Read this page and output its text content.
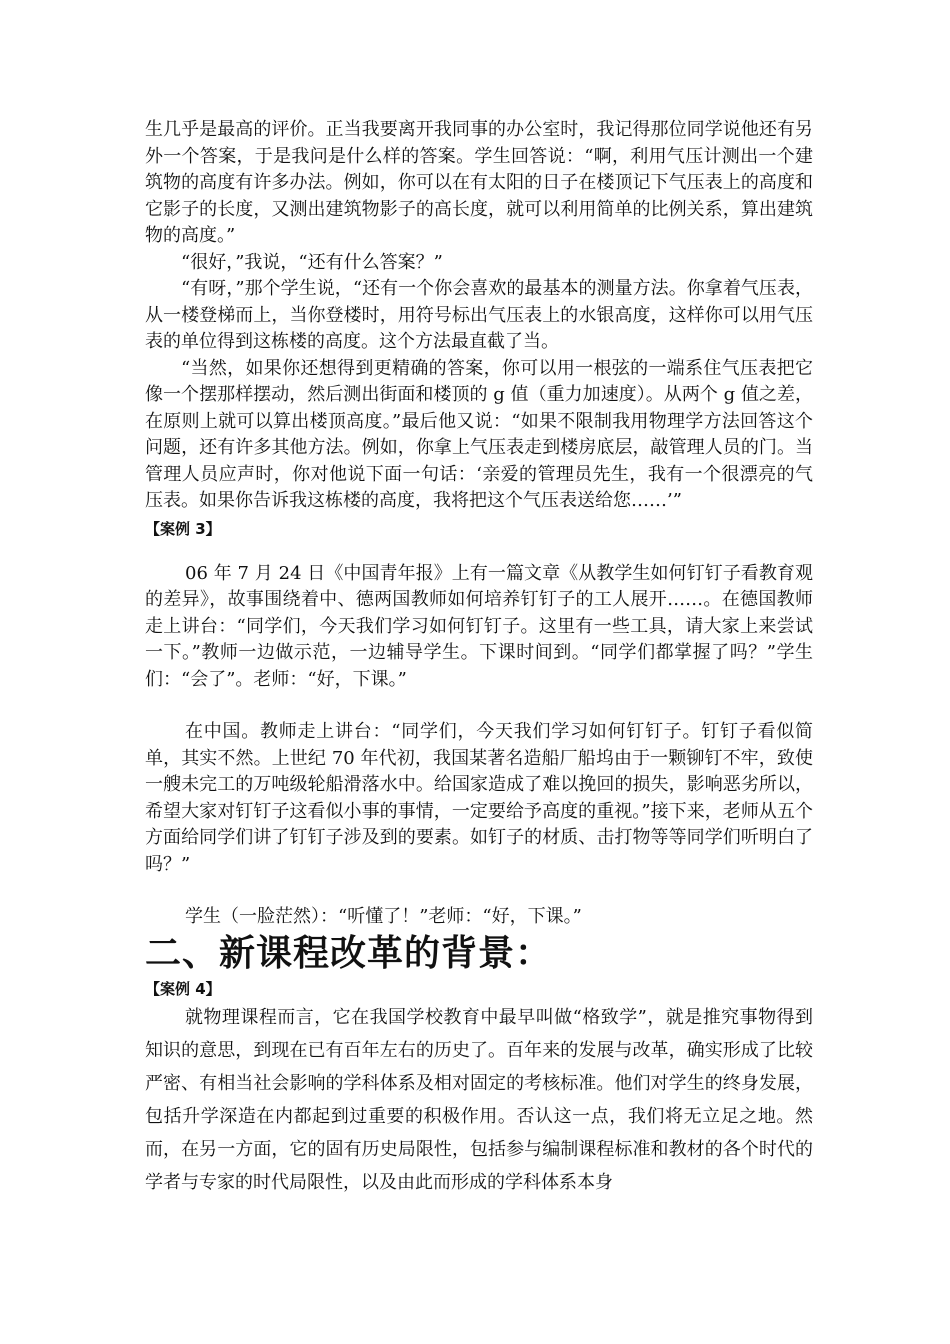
生几乎是最高的评价。正当我要离开我同事的办公室时，我记得那位同学说他还有另外一个答案，于是我问是什么样的答案。学生回答说：“啊，利用气压计测出一个建筑物的高度有许多办法。例如，你可以在有太阳的日子在楼顶记下气压表上的高度和它影子的长度，又测出建筑物影子的高长度，就可以利用简单的比例关系，算出建筑物的高度。”

“很好，”我说，“还有什么答案？”

“有呀，”那个学生说，“还有一个你会喜欢的最基本的测量方法。你拿着气压表，从一楼登梯而上，当你登楼时，用符号标出气压表上的水银高度，这样你可以用气压表的单位得到这栋楼的高度。这个方法最直截了当。

“当然，如果你还想得到更精确的答案，你可以用一根弦的一端系住气压表把它像一个摆那样摆动，然后测出街面和楼顶的 g 值（重力加速度）。从两个 g 值之差，在原则上就可以算出楼顶高度。”最后他又说：“如果不限制我用物理学方法回答这个问题，还有许多其他方法。例如，你拿上气压表走到楼房底层，敲管理人员的门。当管理人员应声时，你对他说下面一句话：‘亲爱的管理员先生，我有一个很漂亮的气压表。如果你告诉我这栋楼的高度，我将把这个气压表送给您……’”

【案例 3】

06 年 7 月 24 日《中国青年报》上有一篇文章《从教学生如何钉钉子看教育观的差异》，故事围绕着中、德两国教师如何培养钉钉子的工人展开……。在德国教师走上讲台：“同学们，今天我们学习如何钉钉子。这里有一些工具，请大家上来尝试一下。”教师一边做示范，一边辅导学生。下课时间到。“同学们都掌握了吗？”学生们：“会了”。老师：“好，下课。”

在中国。教师走上讲台：“同学们，今天我们学习如何钉钉子。钉钉子看似简单，其实不然。上世纪 70 年代初，我国某著名造船厂船坞由于一颗铆钉不牢，致使一艘未完工的万吨级轮船滑落水中。给国家造成了难以挽回的损失，影响恶劣所以，希望大家对钉钉子这看似小事的事情，一定要给予高度的重视。”接下来，老师从五个方面给同学们讲了钉钉子涉及到的要素。如钉子的材质、击打物等等同学们听明白了吗？”

学生（一脸茫然）：“听懂了！”老师：“好，下课。”

二、新课程改革的背景：

【案例 4】

就物理课程而言，它在我国学校教育中最早叫做“格致学”，就是推究事物得到知识的意思，到现在已有百年左右的历史了。百年来的发展与改革，确实形成了比较严密、有相当社会影响的学科体系及相对固定的考核标准。他们对学生的终身发展，包括升学深造在内都起到过重要的积极作用。否认这一点，我们将无立足之地。然而，在另一方面，它的固有历史局限性，包括参与编制课程标准和教材的各个时代的学者与专家的时代局限性，以及由此而形成的学科体系本身
